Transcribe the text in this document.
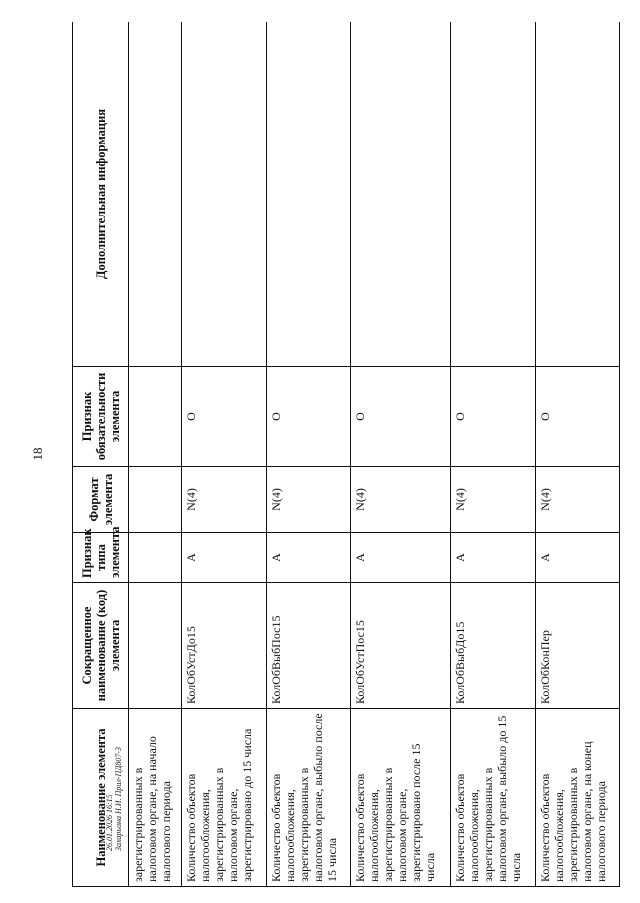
18
26.01.2026 16:15 Захарьина Н.И. Прил-ПД807-3
Наименование элемента	Сокращенное наименование (код) элемента	Признак типа элемента	Формат элемента	Признак обязательности элемента	Дополнительная информация
зарегистрированных в налоговом органе, на начало налогового периода					
Количество объектов налогообложения, зарегистрированных в налоговом органе, зарегистрировано до 15 числа	КолОбУстДо15	А	N(4)	О	
Количество объектов налогообложения, зарегистрированных в налоговом органе, выбыло после 15 числа	КолОбВыбПос15	А	N(4)	О	
Количество объектов налогообложения, зарегистрированных в налоговом органе, зарегистрировано после 15 числа	КолОбУстПос15	А	N(4)	О	
Количество объектов налогообложения, зарегистрированных в налоговом органе, выбыло до 15 числа	КолОбВыбДо15	А	N(4)	О	
Количество объектов налогообложения, зарегистрированных в налоговом органе, на конец налогового периода	КолОбКонПер	А	N(4)	О	
